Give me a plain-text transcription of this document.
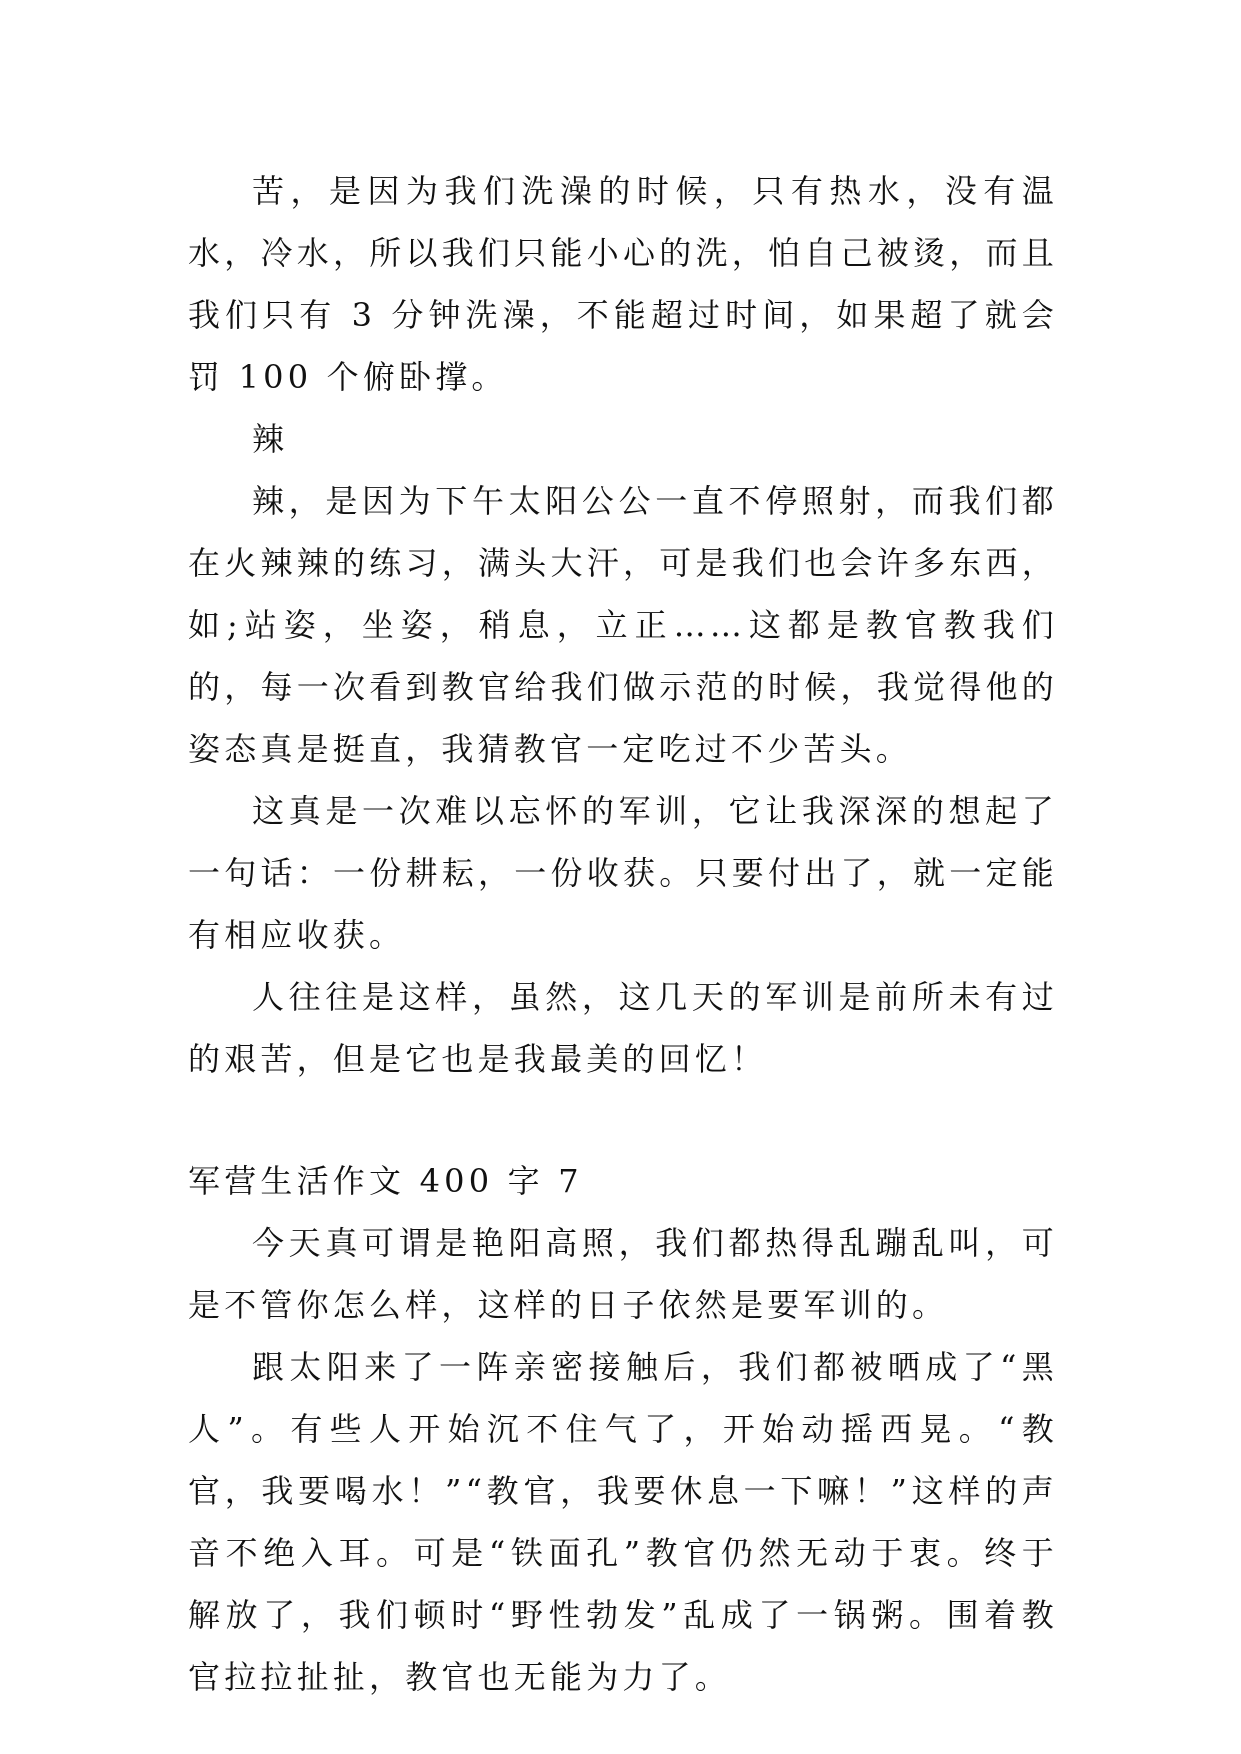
苦，是因为我们洗澡的时候，只有热水，没有温水，冷水，所以我们只能小心的洗，怕自己被烫，而且我们只有 3 分钟洗澡，不能超过时间，如果超了就会罚 100 个俯卧撑。

辣

辣，是因为下午太阳公公一直不停照射，而我们都在火辣辣的练习，满头大汗，可是我们也会许多东西，如;站姿，坐姿，稍息，立正……这都是教官教我们的，每一次看到教官给我们做示范的时候，我觉得他的姿态真是挺直，我猜教官一定吃过不少苦头。

这真是一次难以忘怀的军训，它让我深深的想起了一句话：一份耕耘，一份收获。只要付出了，就一定能有相应收获。

人往往是这样，虽然，这几天的军训是前所未有过的艰苦，但是它也是我最美的回忆！

军营生活作文 400 字 7

今天真可谓是艳阳高照，我们都热得乱蹦乱叫，可是不管你怎么样，这样的日子依然是要军训的。

跟太阳来了一阵亲密接触后，我们都被晒成了“黑人”。有些人开始沉不住气了，开始动摇西晃。“教官，我要喝水！”“教官，我要休息一下嘛！”这样的声音不绝入耳。可是“铁面孔”教官仍然无动于衷。终于解放了，我们顿时“野性勃发”乱成了一锅粥。围着教官拉拉扯扯，教官也无能为力了。
